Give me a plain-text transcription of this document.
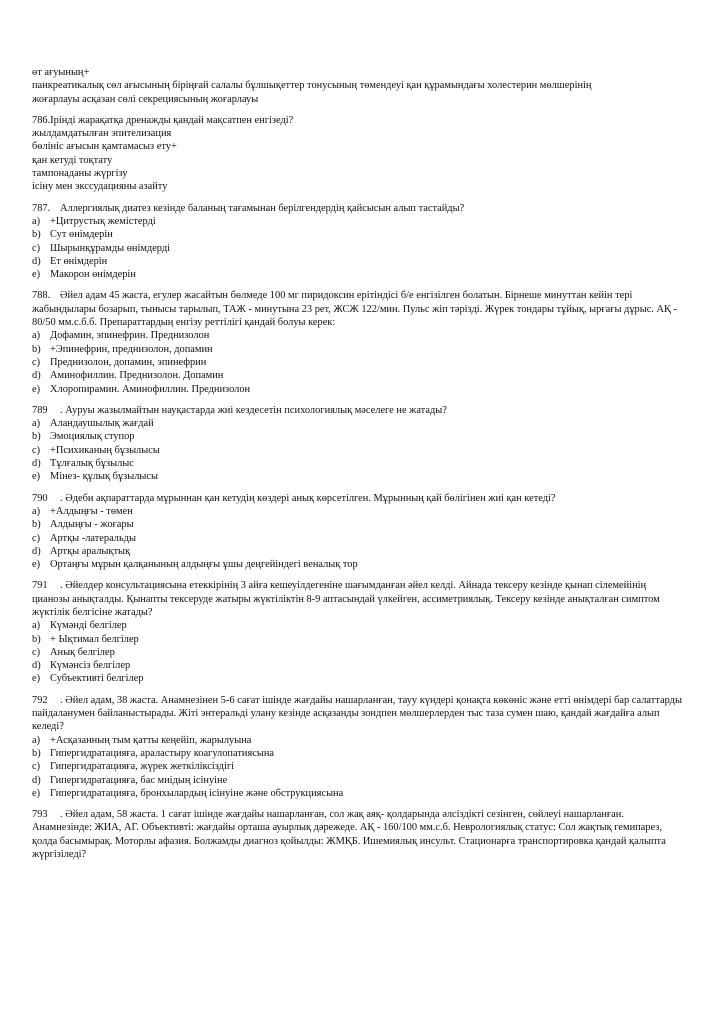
өт ағуының+
панкреатикалық сөл ағысының біріңғай салалы бұлшықеттер тонусының төмендеуі қан құрамындағы холестерин мөлшерінің
жоғарлауы асқазан сөлі секрециясының жоғарлауы
786.Ірінді жарақатқа дренажды қандай мақсатпен енгізеді?
жылдамдатылған эпителизация
бөлініс ағысын қамтамасыз ету+
қан кетуді тоқтату
тампонаданы жүргізу
ісіну мен экссудацияны азайту
787. Аллергиялық диатез кезінде баланың тағамынан берілгендердің қайсысын алып тастайды?
a) +Цитрустық жемістерді
b) Сут өнімдерін
c) Шырынқұрамды өнімдерді
d) Ет өнімдерін
e) Макорон өнімдерін
788. Әйел адам 45 жаста, егулер жасайтын бөлмеде 100 мг пиридоксин ерітіндісі б/е енгізілген болатын. Бірнеше минуттан кейін тері жабындылары бозарып, тынысы тарылып, ТАЖ - минутына 23 рет, ЖСЖ 122/мин. Пульс жіп тәрізді. Жүрек тондары тұйық, ырғағы дұрыс. АҚ - 80/50 мм.с.б.б. Препараттардың енгізу реттілігі қандай болуы керек:
a) Дофамин, эпинефрин. Преднизолон
b) +Эпинефрин, преднизолон, допамин
c) Преднизолон, допамин, эпинефрин
d) Аминофиллин. Преднизолон. Допамин
e) Хлоропирамин. Аминофиллин. Преднизолон
789 . Ауруы жазылмайтын науқастарда жиі кездесетін психологиялық мәселеге не жатады?
a) Аландаушылық жағдай
b) Эмоциялық ступор
c) +Психиканың бұзылысы
d) Тұлғалық бұзылыс
e) Мінез- құлық бұзылысы
790 . Әдеби ақпараттарда мұрыннан қан кетудің көздері анық көрсетілген. Мұрынның қай бөлігінен жиі қан кетеді?
a) +Алдыңғы - төмен
b) Алдыңғы - жоғары
c) Артқы -латеральды
d) Артқы аралықтық
e) Ортаңғы мұрын қалқанының алдыңғы ұшы деңгейіндегі веналық тор
791 . Әйелдер консультациясына етеккірінің 3 айға кешеуілдегеніне шағымданған әйел келді. Айнада тексеру кезінде қынап сілемейінің цианозы анықталды. Қынапты тексеруде жатыры жүктіліктін 8-9 аптасындай үлкейген, ассиметриялық. Тексеру кезінде анықталған симптом жүктілік белгісіне жатады?
a) Күмәнді белгілер
b) + Ықтимал белгілер
c) Анық белгілер
d) Күмәнсіз белгілер
e) Субъективті белгілер
792 . Әйел адам, 38 жаста. Анамнезінен 5-6 сағат ішінде жағдайы нашарланған, тауу күндері қонақта көкөніс және етті өнімдері бар салаттарды пайдаланумен байланыстырады. Жіті энтеральді улану кезінде асқазанды зондпен мөлшерлерден тыс таза сумен шаю, қандай жағдайға алып келеді?
a) +Асқазанның тым қатты кеңейіп, жарылуына
b) Гипергидратацияға, араластыру коагулопатиясына
c) Гипергидратацияға, жүрек жеткіліксіздігі
d) Гипергидратацияға, бас миідың ісінуіне
e) Гипергидратацияға, бронхылардың ісінуіне және обструкциясына
793 . Әйел адам, 58 жаста. 1 сағат ішінде жағдайы нашарланған, сол жақ аяқ- қолдарында әлсіздікті сезінген, сөйлеуі нашарланған. Анамнезінде: ЖИА, АГ. Объективті: жағдайы орташа ауырлық дәрежеде. АҚ - 160/100 мм.с.б. Неврологиялық статус: Сол жақтық гемипарез, қолда басымырақ. Моторлы афазия. Болжамды диагноз қойылды: ЖМҚБ. Ишемиялық инсульт. Стационарға транспортировка қандай қалыпта жүргізіледі?
